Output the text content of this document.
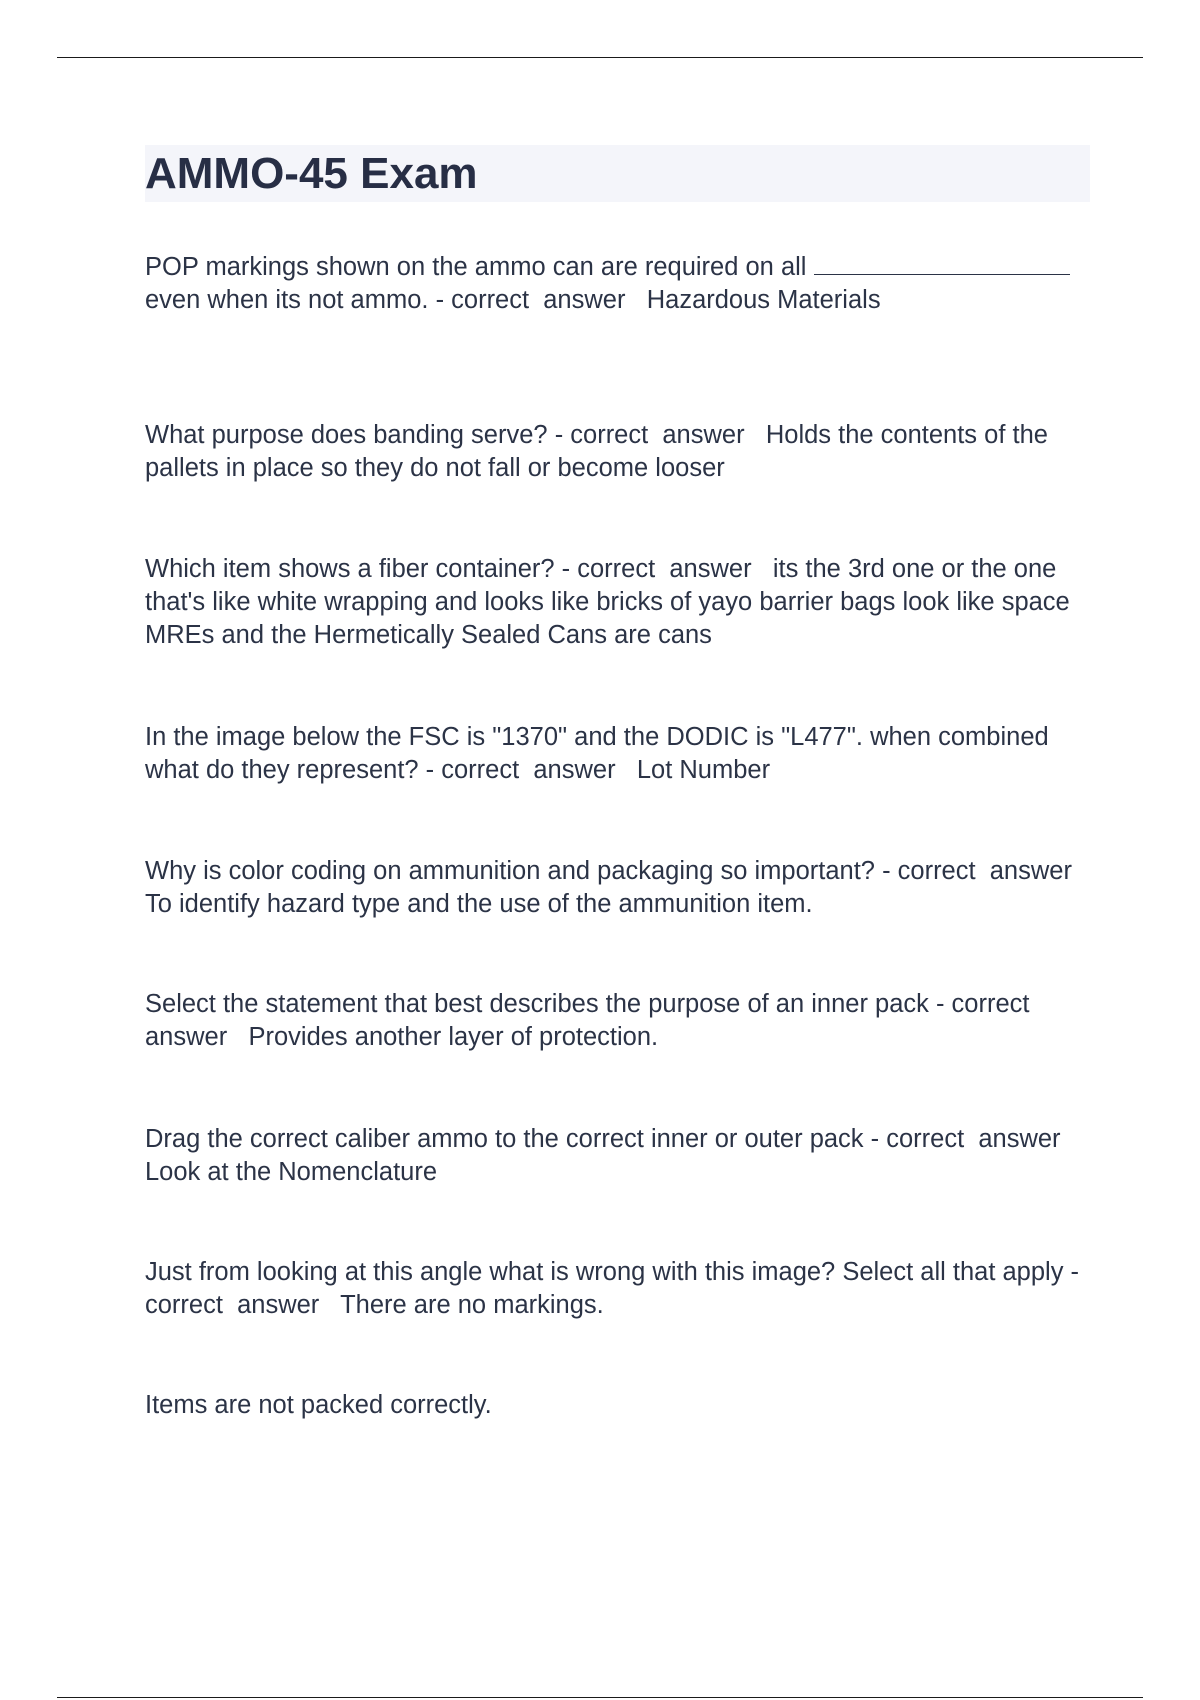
AMMO-45 Exam

POP markings shown on the ammo can are required on all	even when its not ammo. - correct  answer   Hazardous Materials

What purpose does banding serve? - correct  answer   Holds the contents of the pallets in place so they do not fall or become looser

Which item shows a fiber container? - correct  answer   its the 3rd one or the one that's like white wrapping and looks like bricks of yayo barrier bags look like space MREs and the Hermetically Sealed Cans are cans

In the image below the FSC is "1370" and the DODIC is "L477". when combined what do they represent? - correct  answer   Lot Number

Why is color coding on ammunition and packaging so important? - correct  answer   To identify hazard type and the use of the ammunition item.

Select the statement that best describes the purpose of an inner pack - correct  answer   Provides another layer of protection.

Drag the correct caliber ammo to the correct inner or outer pack - correct  answer   Look at the Nomenclature

Just from looking at this angle what is wrong with this image? Select all that apply - correct  answer   There are no markings.

Items are not packed correctly.
